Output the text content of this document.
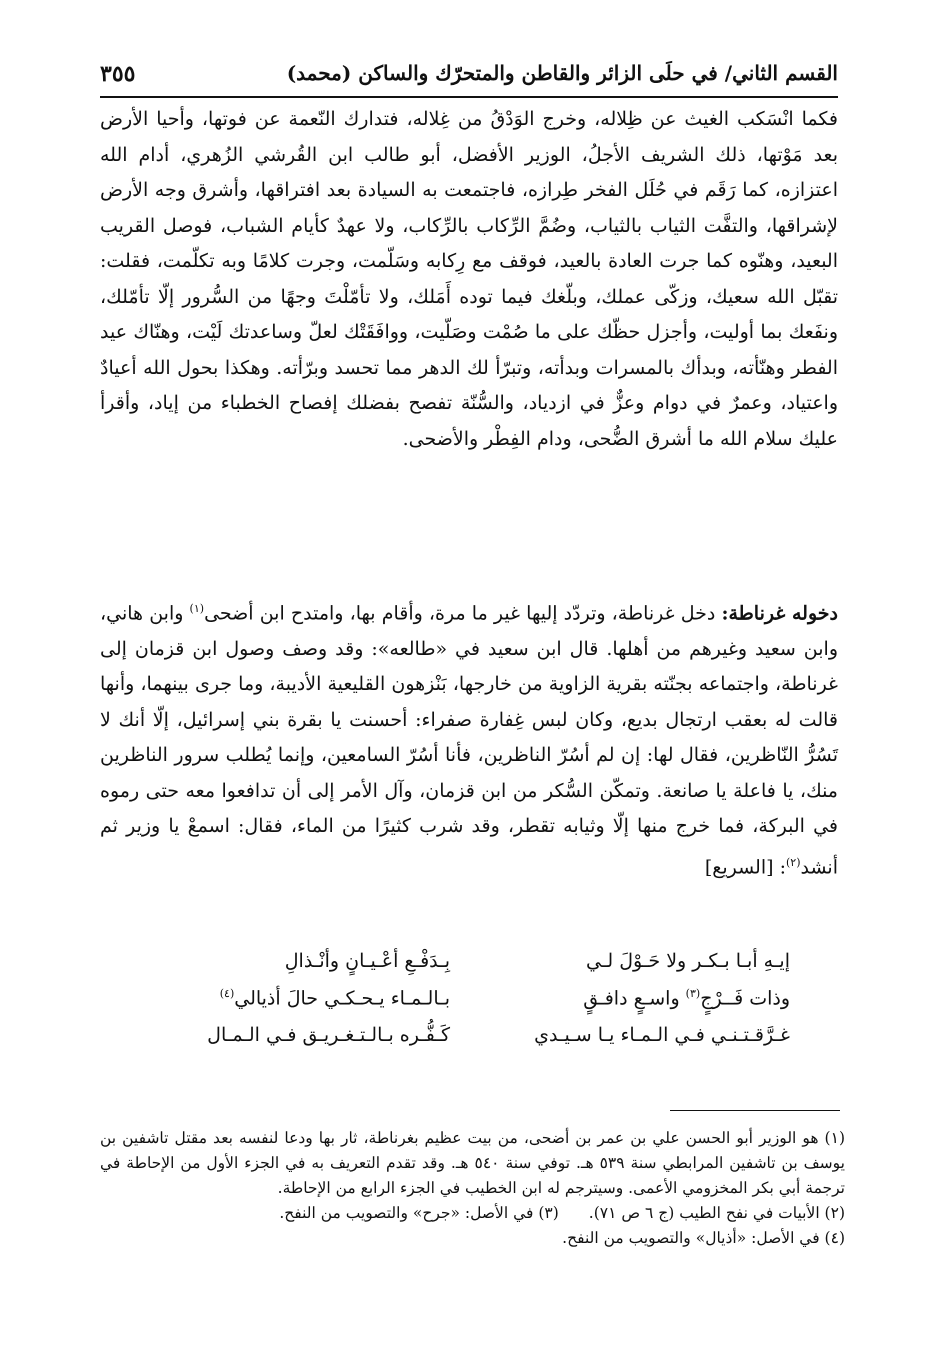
القسم الثاني/ في حلَى الزائر والقاطن والمتحرّك والساكن (محمد)
٣٥٥
فكما انْسَكب الغيث عن ظِلاله، وخرج الوَدْقُ من غِلاله، فتدارك النّعمة عن فوتها، وأحيا الأرض بعد مَوْتها، ذلك الشريف الأجلُ، الوزير الأفضل، أبو طالب ابن القُرشي الزُهري، أدام الله اعتزازه، كما رَقَم في حُلَل الفخر طِرازه، فاجتمعت به السيادة بعد افتراقها، وأشرق وجه الأرض لإشراقها، والتفَّت الثياب بالثياب، وضُمَّ الرِّكاب بالرِّكاب، ولا عهدٌ كأيام الشباب، فوصل القريب البعيد، وهنّوه كما جرت العادة بالعيد، فوقف مع رِكابه وسَلّمت، وجرت كلامًا وبه تكلّمت، فقلت: تقبّل الله سعيك، وزكّى عملك، وبلّغك فيما توده أَمَلك، ولا تأمّلْتَ وجهًا من السُّرور إلّا تأمّلك، ونفَعك بما أوليت، وأجزل حظّك على ما صُمْت وصَلّيت، ووافَقَتْك لعلّ وساعدتك لَيْت، وهنّاك عيد الفطر وهنّأته، وبدأك بالمسرات وبدأته، وتبرّأ لك الدهر مما تحسد وبرّأته. وهكذا بحول الله أعيادٌ واعتياد، وعمرٌ في دوام وعزٌّ في ازدياد، والسُّنّة تفصح بفضلك إفصاح الخطباء من إياد، وأقرأ عليك سلام الله ما أشرق الضُّحى، ودام الفِطْر والأضحى.
دخوله غرناطة: دخل غرناطة، وتردّد إليها غير ما مرة، وأقام بها، وامتدح ابن أضحى$^{(١)}$ وابن هاني، وابن سعيد وغيرهم من أهلها. قال ابن سعيد في «طالعه»: وقد وصف وصول ابن قزمان إلى غرناطة، واجتماعه بجنّته بقرية الزاوية من خارجها، بَنْزهون القليعية الأديبة، وما جرى بينهما، وأنها قالت له بعقب ارتجال بديع، وكان لبس غِفارة صفراء: أحسنت يا بقرة بني إسرائيل، إلّا أنك لا تَسُرُّ النّاظرين، فقال لها: إن لم أسُرّ الناظرين، فأنا أسُرّ السامعين، وإنما يُطلب سرور الناظرين منك، يا فاعلة يا صانعة. وتمكّن السُّكر من ابن قزمان، وآل الأمر إلى أن تدافعوا معه حتى رموه في البركة، فما خرج منها إلّا وثيابه تقطر، وقد شرب كثيرًا من الماء، فقال: اسمعْ يا وزير ثم أنشد$^{(٢)}$: [السريع]
إيـهِ أبـا بـكـر ولا حَـوْلَ لـي
بِـدَفْـعِ أعْـيـانٍ وأنْـذالِ
وذات فَــرْجٍ$^{(٣)}$ واسـعٍ دافـقٍ
بـالـمـاء يـحـكـي حالَ أذيالي$^{(٤)}$
غـرَّقـتـنـي فـي الـمـاء يـا سـيـدي
كَـفُّـره بـالـتـغـريـق فـي الـمـال
(١) هو الوزير أبو الحسن علي بن عمر بن أضحى، من بيت عظيم بغرناطة، ثار بها ودعا لنفسه بعد مقتل تاشفين بن يوسف بن تاشفين المرابطي سنة ٥٣٩ هـ. توفي سنة ٥٤٠ هـ. وقد تقدم التعريف به في الجزء الأول من الإحاطة في ترجمة أبي بكر المخزومي الأعمى. وسيترجم له ابن الخطيب في الجزء الرابع من الإحاطة.
(٢) الأبيات في نفح الطيب (ج ٦ ص ٧١).(٣) في الأصل: «جرح» والتصويب من النفح.
(٤) في الأصل: «أذيال» والتصويب من النفح.
